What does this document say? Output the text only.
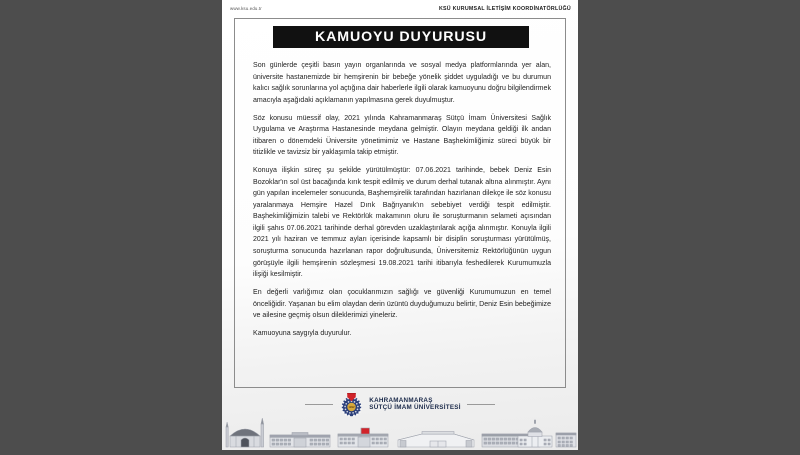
www.ksu.edu.tr	KSÜ KURUMSAL İLETİŞİM KOORDİNATÖRLÜĞÜ
KAMUOYU DUYURUSU

Son günlerde çeşitli basın yayın organlarında ve sosyal medya platformlarında yer alan, üniversite hastanemizde bir hemşirenin bir bebeğe yönelik şiddet uyguladığı ve bu durumun kalıcı sağlık sorunlarına yol açtığına dair haberlerle ilgili olarak kamuoyunu doğru bilgilendirmek amacıyla aşağıdaki açıklamanın yapılmasına gerek duyulmuştur.

Söz konusu müessif olay, 2021 yılında Kahramanmaraş Sütçü İmam Üniversitesi Sağlık Uygulama ve Araştırma Hastanesinde meydana gelmiştir. Olayın meydana geldiği ilk andan itibaren o dönemdeki Üniversite yönetimimiz ve Hastane Başhekimliğimiz süreci büyük bir titizlikle ve tavizsiz bir yaklaşımla takip etmiştir.

Konuya ilişkin süreç şu şekilde yürütülmüştür: 07.06.2021 tarihinde, bebek Deniz Esin Bozoklar'ın sol üst bacağında kırık tespit edilmiş ve durum derhal tutanak altına alınmıştır. Aynı gün yapılan incelemeler sonucunda, Başhemşirelik tarafından hazırlanan dilekçe ile söz konusu yaralanmaya Hemşire Hazel Dırık Bağrıyanık'ın sebebiyet verdiği tespit edilmiştir. Başhekimliğimizin talebi ve Rektörlük makamının oluru ile soruşturmanın selameti açısından ilgili şahıs 07.06.2021 tarihinde derhal görevden uzaklaştırılarak açığa alınmıştır. Konuyla ilgili 2021 yılı haziran ve temmuz ayları içerisinde kapsamlı bir disiplin soruşturması yürütülmüş, soruşturma sonucunda hazırlanan rapor doğrultusunda, Üniversitemiz Rektörlüğünün uygun görüşüyle ilgili hemşirenin sözleşmesi 19.08.2021 tarihi itibarıyla feshedilerek Kurumumuzla ilişiği kesilmiştir.

En değerli varlığımız olan çocuklarımızın sağlığı ve güvenliği Kurumumuzun en temel önceliğidir. Yaşanan bu elim olaydan derin üzüntü duyduğumuzu belirtir, Deniz Esin bebeğimize ve ailesine geçmiş olsun dileklerimizi yineleriz.

Kamuoyuna saygıyla duyurulur.

1992
KAHRAMANMARAŞ
SÜTÇÜ İMAM ÜNİVERSİTESİ
